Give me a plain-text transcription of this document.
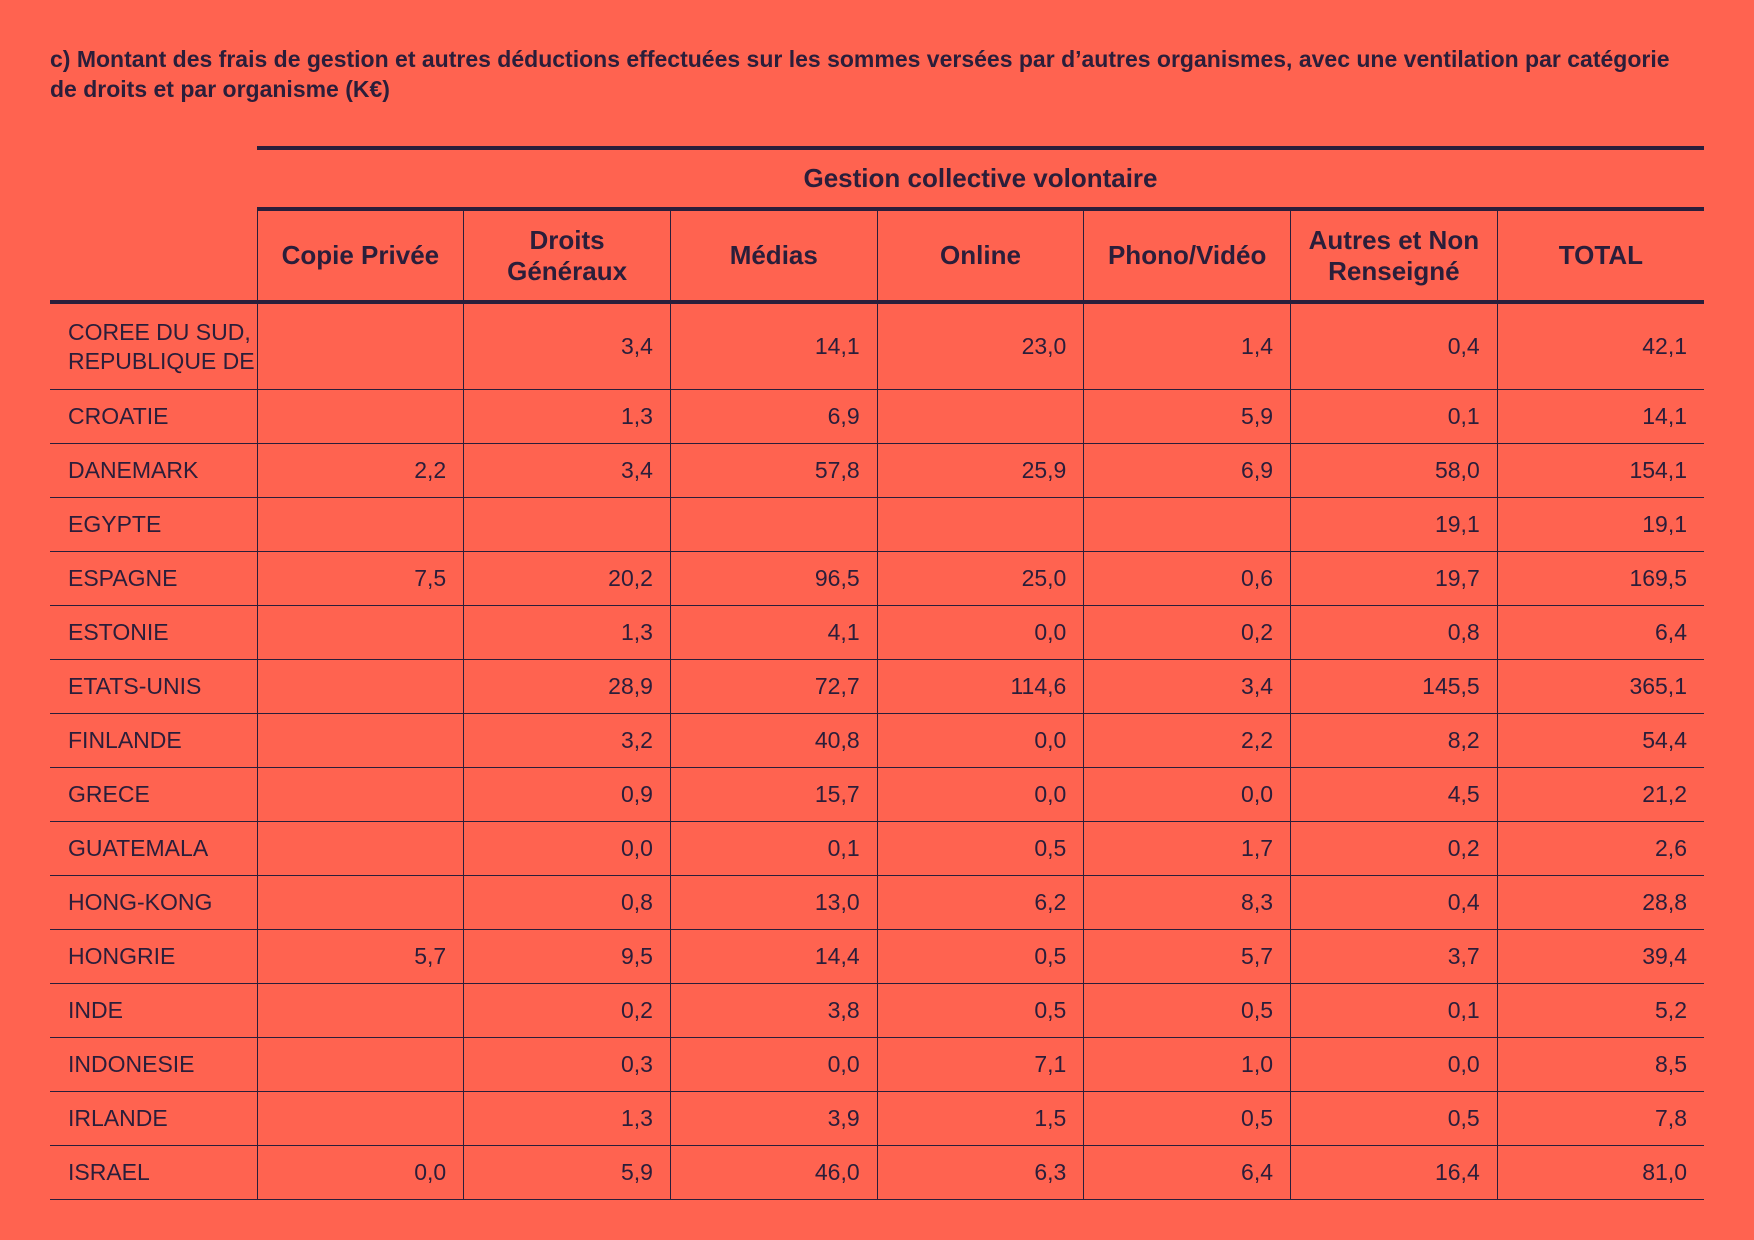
c) Montant des frais de gestion et autres déductions effectuées sur les sommes versées par d’autres organismes, avec une ventilation par catégorie
de droits et par organisme (K€)
	Gestion collective volontaire						

	Copie Privée	Droits
Généraux	Médias	Online	Phono/Vidéo	Autres et Non
Renseigné	TOTAL

COREE DU SUD,
REPUBLIQUE DE		3,4	14,1	23,0	1,4	0,4	42,1

CROATIE		1,3	6,9		5,9	0,1	14,1

DANEMARK	2,2	3,4	57,8	25,9	6,9	58,0	154,1

EGYPTE						19,1	19,1

ESPAGNE	7,5	20,2	96,5	25,0	0,6	19,7	169,5

ESTONIE		1,3	4,1	0,0	0,2	0,8	6,4

ETATS-UNIS		28,9	72,7	114,6	3,4	145,5	365,1

FINLANDE		3,2	40,8	0,0	2,2	8,2	54,4

GRECE		0,9	15,7	0,0	0,0	4,5	21,2

GUATEMALA		0,0	0,1	0,5	1,7	0,2	2,6

HONG-KONG		0,8	13,0	6,2	8,3	0,4	28,8

HONGRIE	5,7	9,5	14,4	0,5	5,7	3,7	39,4

INDE		0,2	3,8	0,5	0,5	0,1	5,2

INDONESIE		0,3	0,0	7,1	1,0	0,0	8,5

IRLANDE		1,3	3,9	1,5	0,5	0,5	7,8

ISRAEL	0,0	5,9	46,0	6,3	6,4	16,4	81,0
